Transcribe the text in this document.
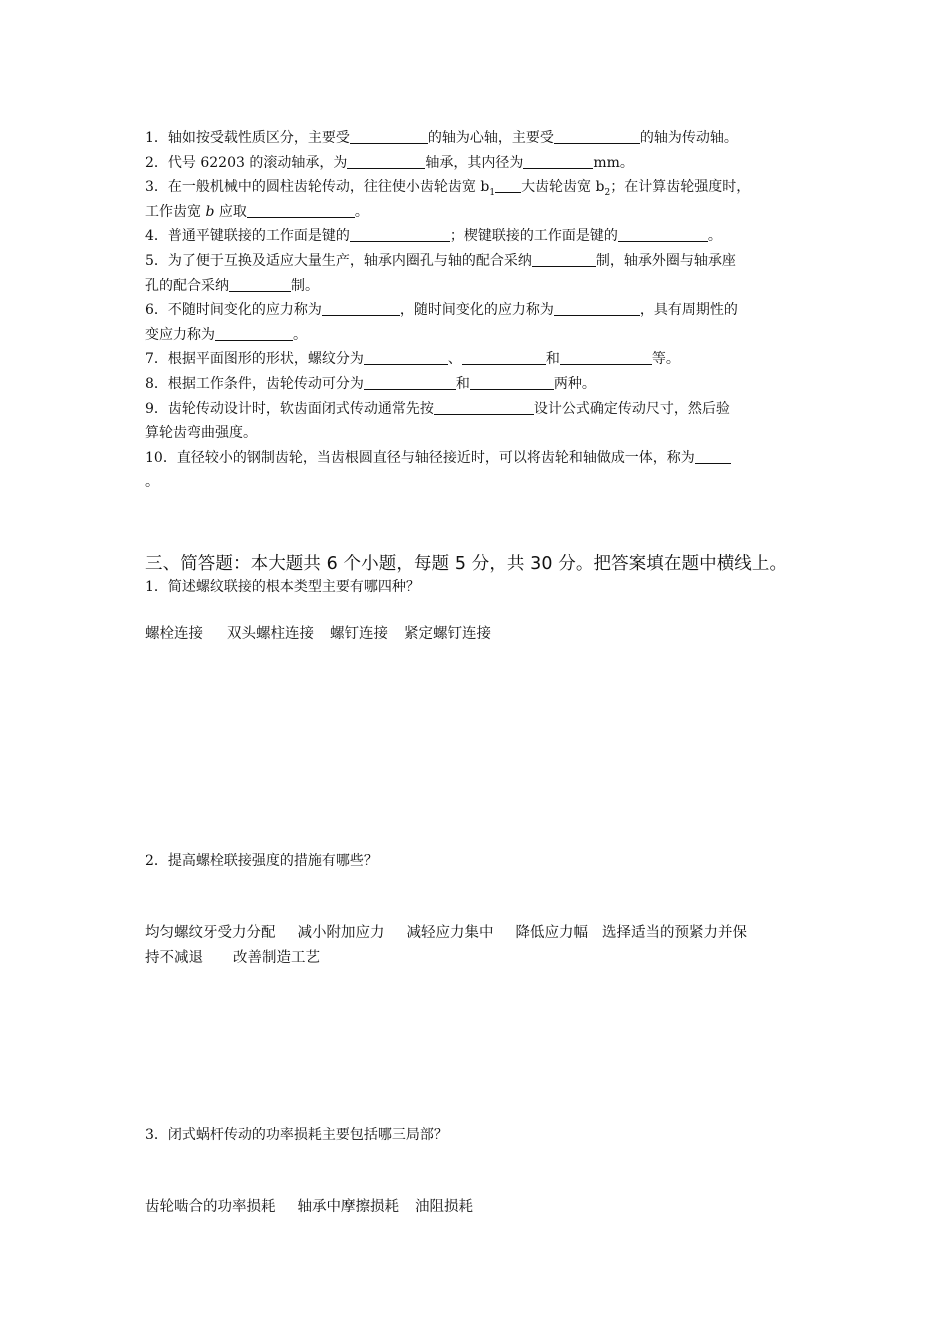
1．轴如按受载性质区分，主要受	的轴为心轴，主要受	的轴为传动轴。
2．代号 62203 的滚动轴承，为	轴承，其内径为	mm。
3．在一般机械中的圆柱齿轮传动，往往使小齿轮齿宽 $b_1$ 大齿轮齿宽 $b_2$；在计算齿轮强度时，
工作齿宽 b 应取	。
4．普通平键联接的工作面是键的	；楔键联接的工作面是键的	。
5．为了便于互换及适应大量生产，轴承内圈孔与轴的配合采纳	制，轴承外圈与轴承座
孔的配合采纳	制。
6．不随时间变化的应力称为	，随时间变化的应力称为	，具有周期性的
变应力称为	。
7．根据平面图形的形状，螺纹分为	、	和	等。
8．根据工作条件，齿轮传动可分为	和	两种。
9．齿轮传动设计时，软齿面闭式传动通常先按	设计公式确定传动尺寸，然后验
算轮齿弯曲强度。
10．直径较小的钢制齿轮，当齿根圆直径与轴径接近时，可以将齿轮和轴做成一体，称为
。
三、简答题：本大题共 6 个小题，每题 5 分，共 30 分。把答案填在题中横线上。
1．简述螺纹联接的根本类型主要有哪四种？
螺栓连接 双头螺柱连接 螺钉连接 紧定螺钉连接
2．提高螺栓联接强度的措施有哪些？
均匀螺纹牙受力分配 减小附加应力 减轻应力集中 降低应力幅 选择适当的预紧力并保
持不减退 改善制造工艺
3．闭式蜗杆传动的功率损耗主要包括哪三局部？
齿轮啮合的功率损耗 轴承中摩擦损耗 油阻损耗
